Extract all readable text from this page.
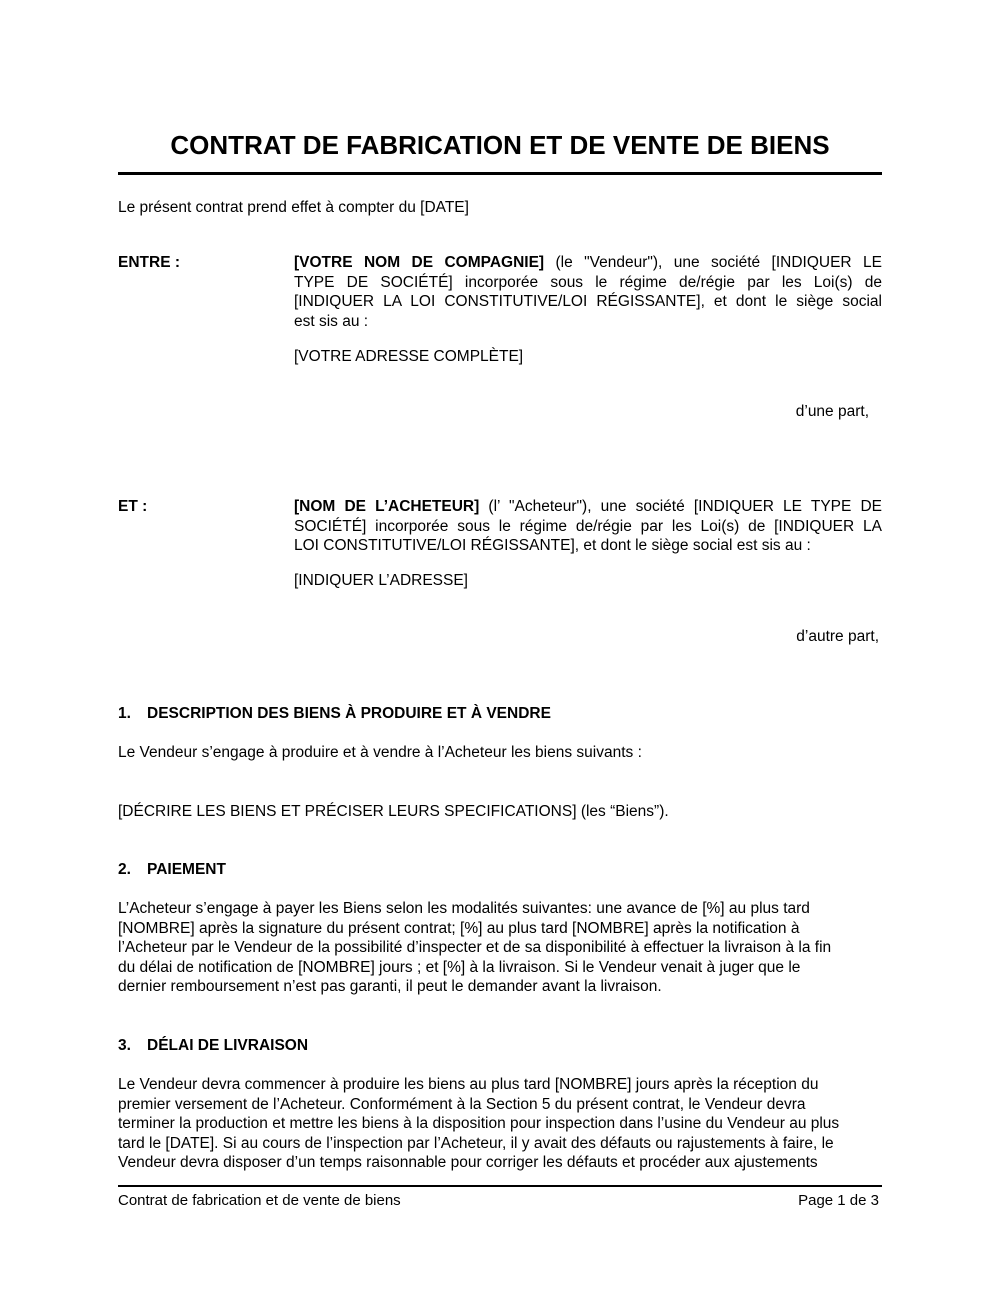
CONTRAT DE FABRICATION ET DE VENTE DE BIENS
Le présent contrat prend effet à compter du [DATE]
ENTRE :	[VOTRE NOM DE COMPAGNIE] (le "Vendeur"), une société [INDIQUER LE
TYPE DE SOCIÉTÉ] incorporée sous le régime de/régie par les Loi(s) de
[INDIQUER LA LOI CONSTITUTIVE/LOI RÉGISSANTE], et dont le siège social
est sis au :
[VOTRE ADRESSE COMPLÈTE]
d’une part,
ET :	[NOM DE L’ACHETEUR] (l’ "Acheteur"), une société [INDIQUER LE TYPE DE
SOCIÉTÉ] incorporée sous le régime de/régie par les Loi(s) de [INDIQUER LA
LOI CONSTITUTIVE/LOI RÉGISSANTE], et dont le siège social est sis au :
[INDIQUER L’ADRESSE]
d’autre part,
1. DESCRIPTION DES BIENS À PRODUIRE ET À VENDRE
Le Vendeur s’engage à produire et à vendre à l’Acheteur les biens suivants :
[DÉCRIRE LES BIENS ET PRÉCISER LEURS SPECIFICATIONS] (les “Biens”).
2. PAIEMENT
L’Acheteur s’engage à payer les Biens selon les modalités suivantes: une avance de [%] au plus tard
[NOMBRE] après la signature du présent contrat; [%] au plus tard [NOMBRE] après la notification à
l’Acheteur par le Vendeur de la possibilité d’inspecter et de sa disponibilité à effectuer la livraison à la fin
du délai de notification de [NOMBRE] jours ; et [%] à la livraison. Si le Vendeur venait à juger que le
dernier remboursement n’est pas garanti, il peut le demander avant la livraison.
3. DÉLAI DE LIVRAISON
Le Vendeur devra commencer à produire les biens au plus tard [NOMBRE] jours après la réception du
premier versement de l’Acheteur. Conformément à la Section 5 du présent contrat, le Vendeur devra
terminer la production et mettre les biens à la disposition pour inspection dans l’usine du Vendeur au plus
tard le [DATE]. Si au cours de l’inspection par l’Acheteur, il y avait des défauts ou rajustements à faire, le
Vendeur devra disposer d’un temps raisonnable pour corriger les défauts et procéder aux ajustements
Contrat de fabrication et de vente de biens	Page 1 de 3
